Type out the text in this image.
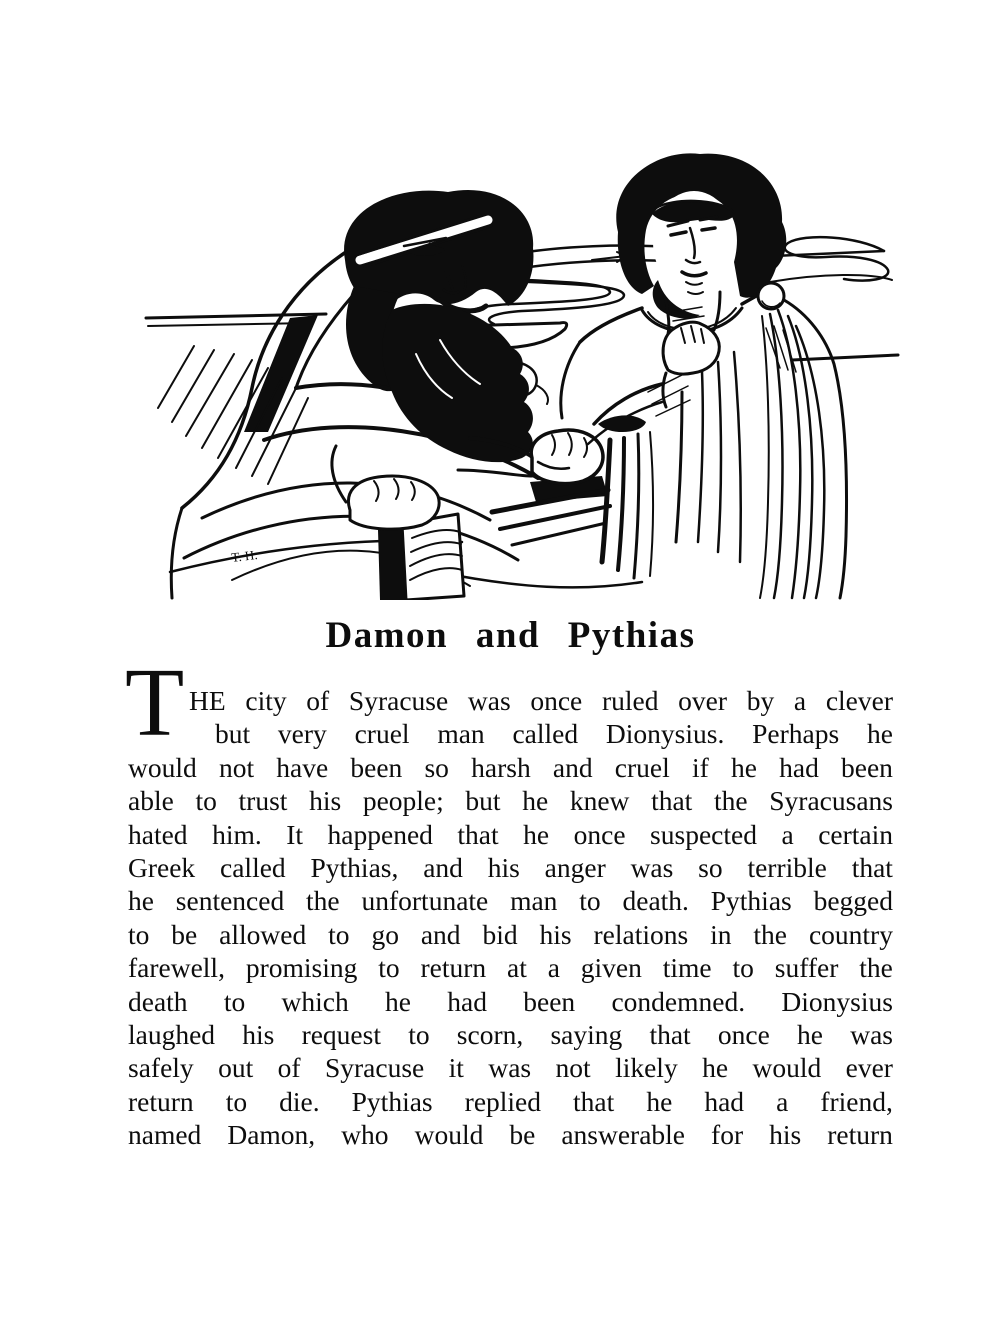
T. H.
Damon and Pythias
T HE city of Syracuse was once ruled over by a clever
but very cruel man called Dionysius. Perhaps he
would not have been so harsh and cruel if he had been
able to trust his people; but he knew that the Syracusans
hated him. It happened that he once suspected a certain
Greek called Pythias, and his anger was so terrible that
he sentenced the unfortunate man to death. Pythias begged
to be allowed to go and bid his relations in the country
farewell, promising to return at a given time to suffer the
death to which he had been condemned. Dionysius
laughed his request to scorn, saying that once he was
safely out of Syracuse it was not likely he would ever
return to die. Pythias replied that he had a friend,
named Damon, who would be answerable for his return
